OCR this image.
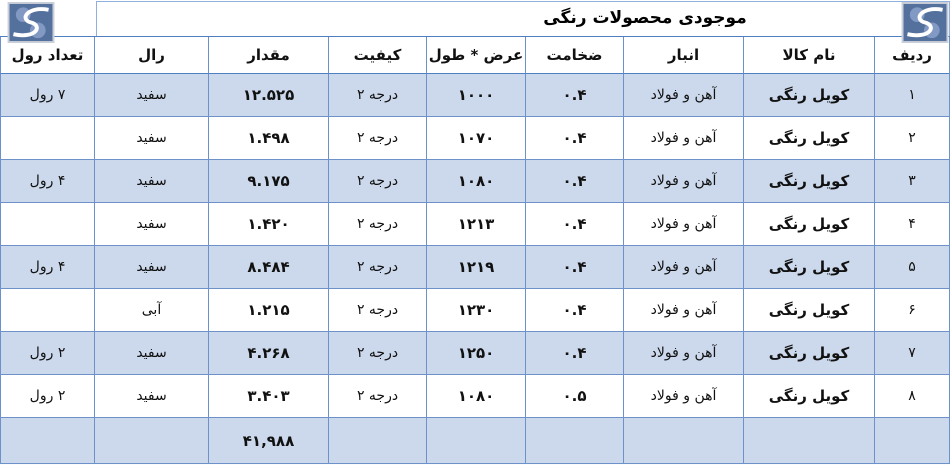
موجودی محصولات رنگی
ردیف
نام کالا
انبار
ضخامت
عرض * طول
کیفیت
مقدار
رال
تعداد رول
۱
کویل رنگی
آهن و فولاد
۰.۴
۱۰۰۰
درجه ۲
۱۲.۵۲۵
سفید
۷ رول
۲
کویل رنگی
آهن و فولاد
۰.۴
۱۰۷۰
درجه ۲
۱.۴۹۸
سفید
۳
کویل رنگی
آهن و فولاد
۰.۴
۱۰۸۰
درجه ۲
۹.۱۷۵
سفید
۴ رول
۴
کویل رنگی
آهن و فولاد
۰.۴
۱۲۱۳
درجه ۲
۱.۴۲۰
سفید
۵
کویل رنگی
آهن و فولاد
۰.۴
۱۲۱۹
درجه ۲
۸.۴۸۴
سفید
۴ رول
۶
کویل رنگی
آهن و فولاد
۰.۴
۱۲۳۰
درجه ۲
۱.۲۱۵
آبی
۷
کویل رنگی
آهن و فولاد
۰.۴
۱۲۵۰
درجه ۲
۴.۲۶۸
سفید
۲ رول
۸
کویل رنگی
آهن و فولاد
۰.۵
۱۰۸۰
درجه ۲
۳.۴۰۳
سفید
۲ رول
۴۱,۹۸۸
